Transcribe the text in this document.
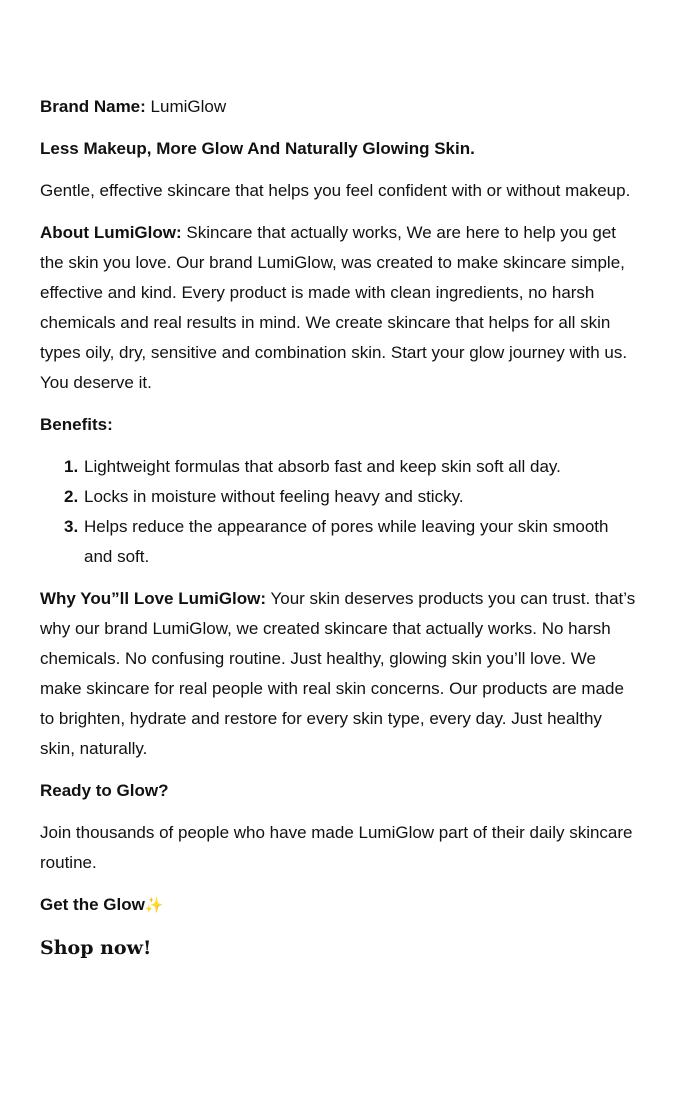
Brand Name: LumiGlow

Less Makeup, More Glow And Naturally Glowing Skin.

Gentle, effective skincare that helps you feel confident with or without makeup.

About LumiGlow: Skincare that actually works, We are here to help you get the skin you love. Our brand LumiGlow, was created to make skincare simple, effective and kind. Every product is made with clean ingredients, no harsh chemicals and real results in mind. We create skincare that helps for all skin types oily, dry, sensitive and combination skin. Start your glow journey with us. You deserve it.

Benefits:

1. Lightweight formulas that absorb fast and keep skin soft all day.
2. Locks in moisture without feeling heavy and sticky.
3. Helps reduce the appearance of pores while leaving your skin smooth and soft.

Why You”ll Love LumiGlow: Your skin deserves products you can trust. that’s why our brand LumiGlow, we created skincare that actually works. No harsh chemicals. No confusing routine. Just healthy, glowing skin you’ll love. We make skincare for real people with real skin concerns. Our products are made to brighten, hydrate and restore for every skin type, every day. Just healthy skin, naturally.

Ready to Glow?

Join thousands of people who have made LumiGlow part of their daily skincare routine.

Get the Glow✨

Shop now!
